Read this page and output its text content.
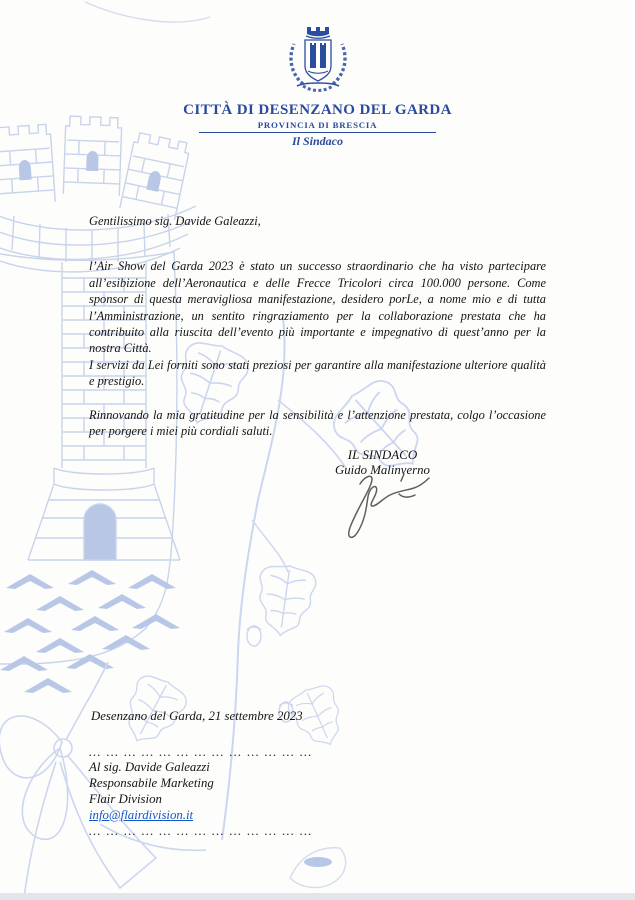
CITTÀ DI DESENZANO DEL GARDA
PROVINCIA DI BRESCIA
Il Sindaco

Gentilissimo sig. Davide Galeazzi,

l’Air Show del Garda 2023 è stato un successo straordinario che ha visto partecipare all’esibizione dell’Aeronautica e delle Frecce Tricolori circa 100.000 persone. Come sponsor di questa meravigliosa manifestazione, desidero porLe, a nome mio e di tutta l’Amministrazione, un sentito ringraziamento per la collaborazione prestata che ha contribuito alla riuscita dell’evento più importante e impegnativo di quest’anno per la nostra Città.

I servizi da Lei forniti sono stati preziosi per garantire alla manifestazione ulteriore qualità e prestigio.

Rinnovando la mia gratitudine per la sensibilità e l’attenzione prestata, colgo l’occasione per porgere i miei più cordiali saluti.

IL SINDACO
Guido Malinverno

Desenzano del Garda, 21 settembre 2023

… … … … … … … … … … … … …

Al sig. Davide Galeazzi

Responsabile Marketing

Flair Division

info@flairdivision.it

… … … … … … … … … … … … …
